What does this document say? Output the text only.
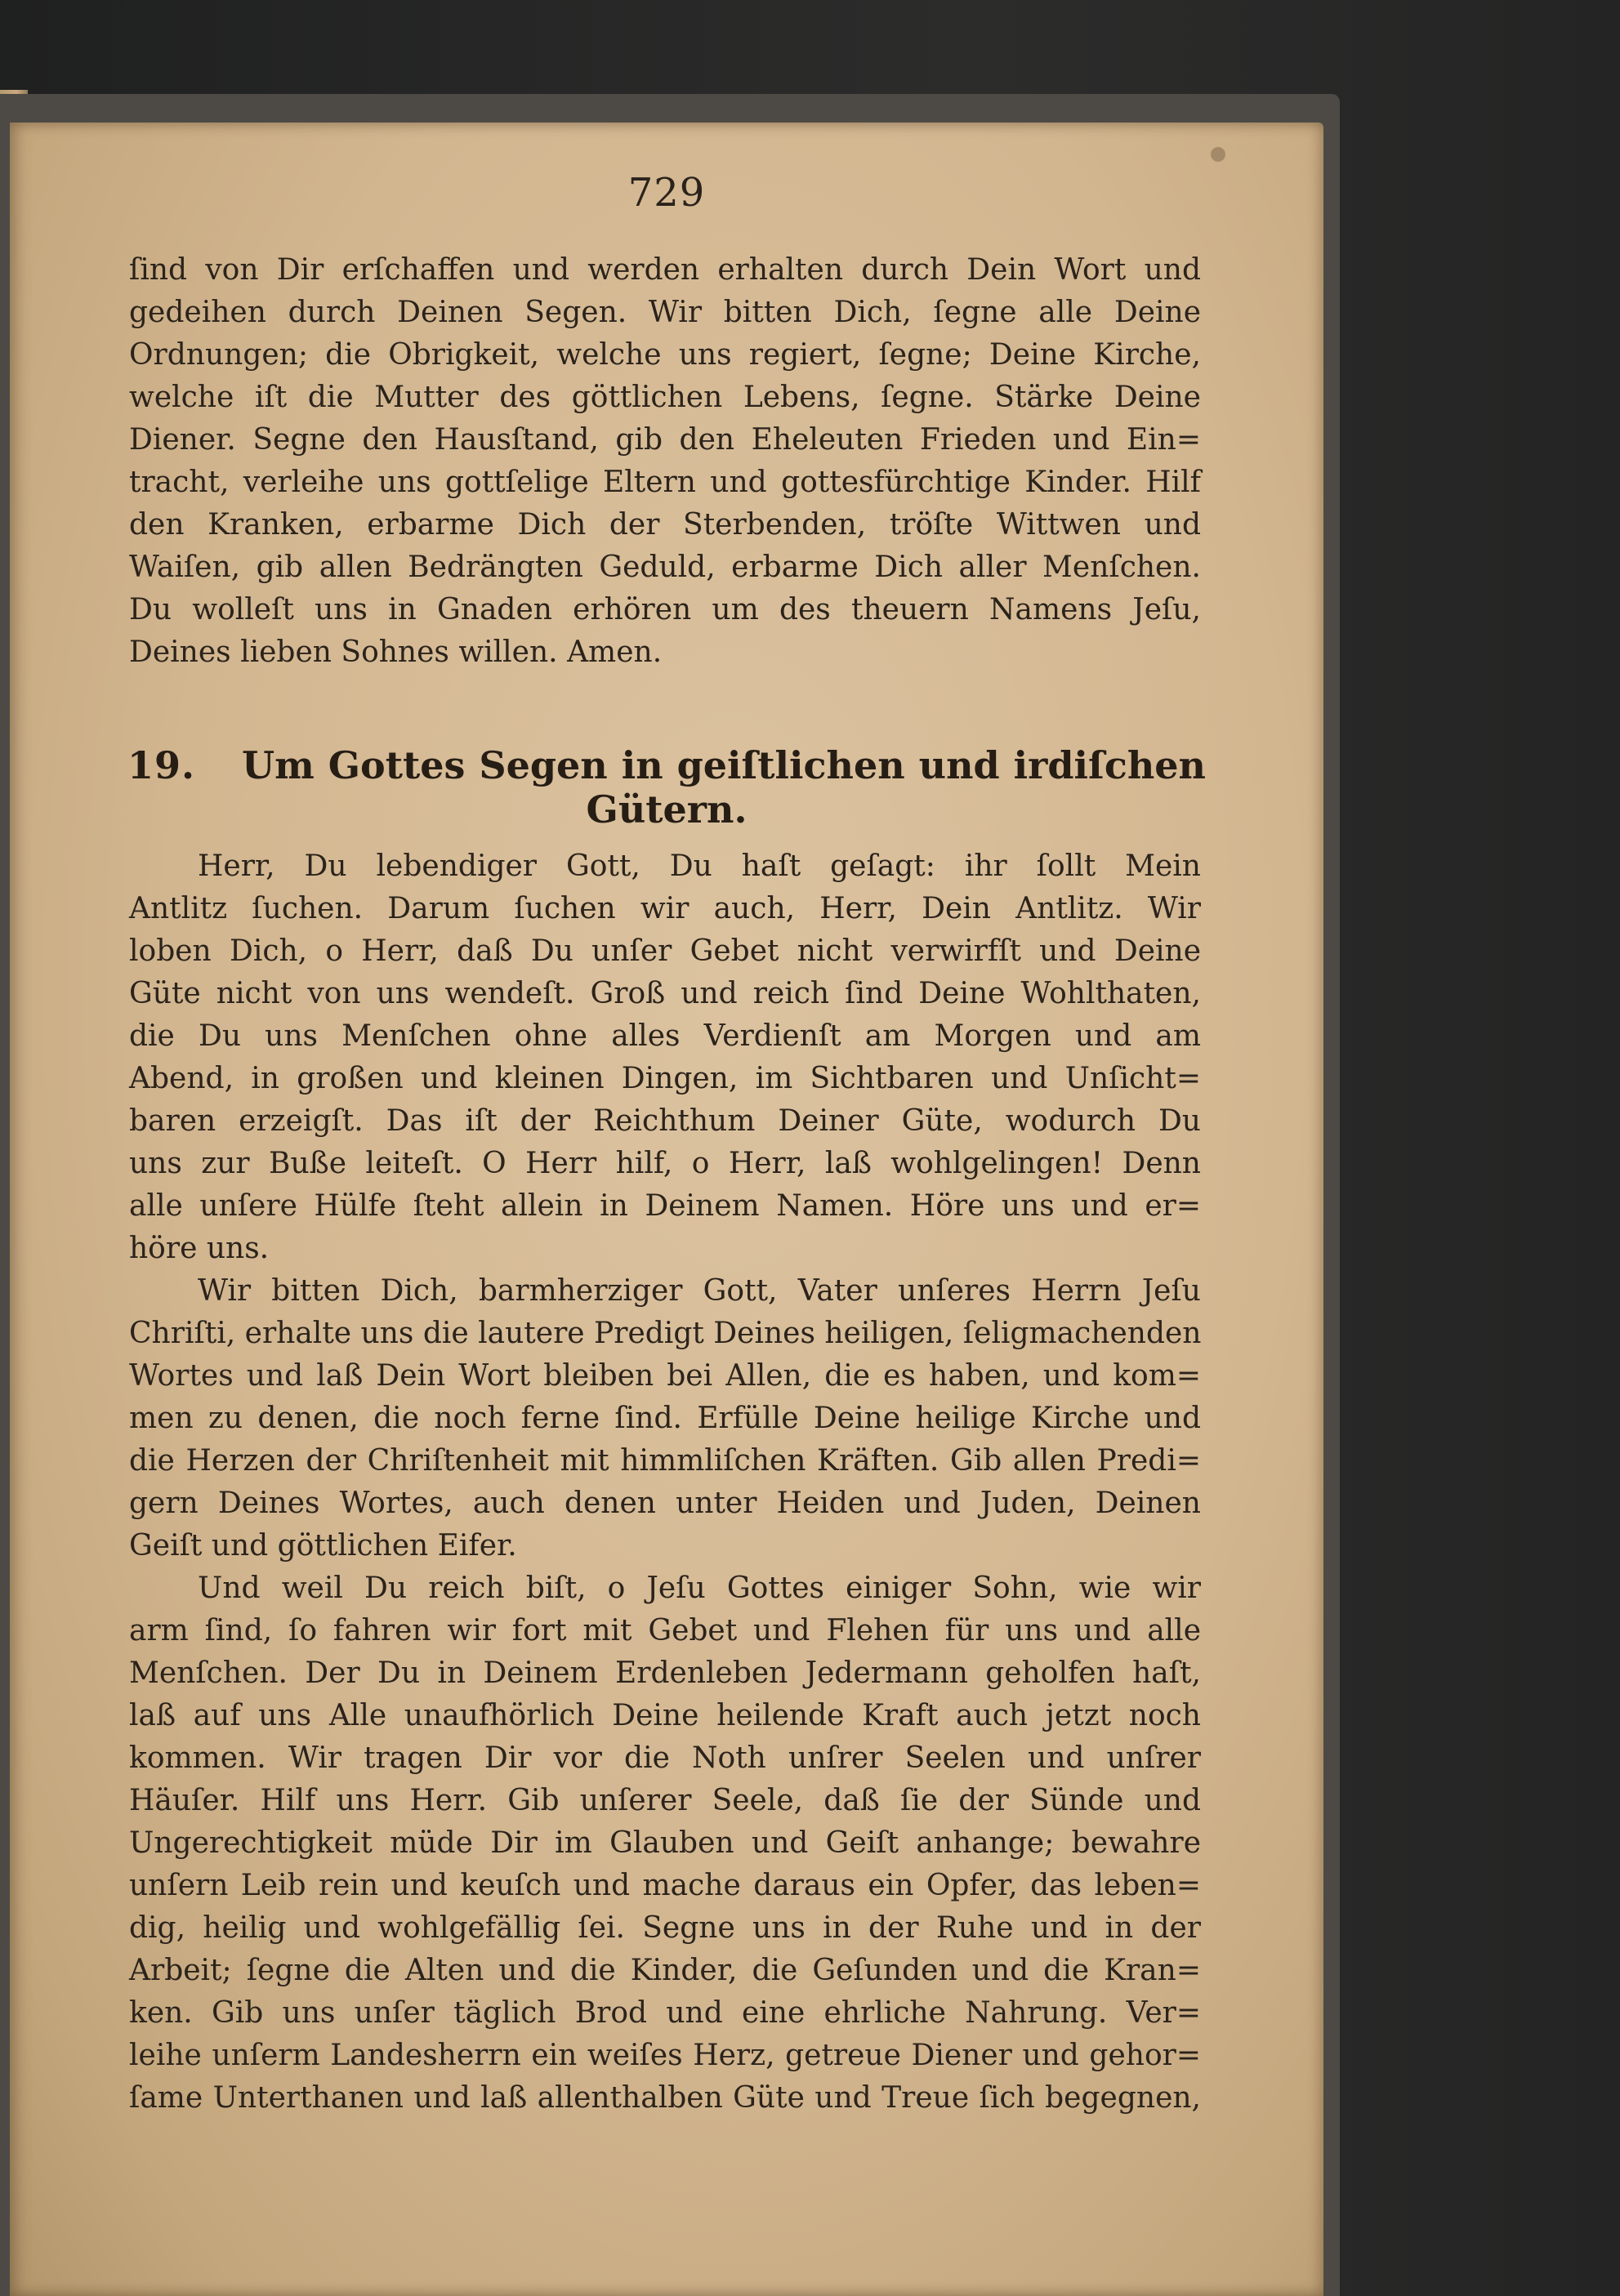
729
ſind von Dir erſchaffen und werden erhalten durch Dein Wort und
gedeihen durch Deinen Segen. Wir bitten Dich, ſegne alle Deine
Ordnungen; die Obrigkeit, welche uns regiert, ſegne; Deine Kirche,
welche iſt die Mutter des göttlichen Lebens, ſegne. Stärke Deine
Diener. Segne den Hausſtand, gib den Eheleuten Frieden und Ein=
tracht, verleihe uns gottſelige Eltern und gottesfürchtige Kinder. Hilf
den Kranken, erbarme Dich der Sterbenden, tröſte Wittwen und
Waiſen, gib allen Bedrängten Geduld, erbarme Dich aller Menſchen.
Du wolleſt uns in Gnaden erhören um des theuern Namens Jeſu,
Deines lieben Sohnes willen. Amen.
19. Um Gottes Segen in geiſtlichen und irdiſchen
Gütern.
Herr, Du lebendiger Gott, Du haſt geſagt: ihr ſollt Mein
Antlitz ſuchen. Darum ſuchen wir auch, Herr, Dein Antlitz. Wir
loben Dich, o Herr, daß Du unſer Gebet nicht verwirfſt und Deine
Güte nicht von uns wendeſt. Groß und reich ſind Deine Wohlthaten,
die Du uns Menſchen ohne alles Verdienſt am Morgen und am
Abend, in großen und kleinen Dingen, im Sichtbaren und Unſicht=
baren erzeigſt. Das iſt der Reichthum Deiner Güte, wodurch Du
uns zur Buße leiteſt. O Herr hilf, o Herr, laß wohlgelingen! Denn
alle unſere Hülfe ſteht allein in Deinem Namen. Höre uns und er=
höre uns.
Wir bitten Dich, barmherziger Gott, Vater unſeres Herrn Jeſu
Chriſti, erhalte uns die lautere Predigt Deines heiligen, ſeligmachenden
Wortes und laß Dein Wort bleiben bei Allen, die es haben, und kom=
men zu denen, die noch ferne ſind. Erfülle Deine heilige Kirche und
die Herzen der Chriſtenheit mit himmliſchen Kräften. Gib allen Predi=
gern Deines Wortes, auch denen unter Heiden und Juden, Deinen
Geiſt und göttlichen Eifer.
Und weil Du reich biſt, o Jeſu Gottes einiger Sohn, wie wir
arm ſind, ſo fahren wir fort mit Gebet und Flehen für uns und alle
Menſchen. Der Du in Deinem Erdenleben Jedermann geholfen haſt,
laß auf uns Alle unaufhörlich Deine heilende Kraft auch jetzt noch
kommen. Wir tragen Dir vor die Noth unſrer Seelen und unſrer
Häuſer. Hilf uns Herr. Gib unſerer Seele, daß ſie der Sünde und
Ungerechtigkeit müde Dir im Glauben und Geiſt anhange; bewahre
unſern Leib rein und keuſch und mache daraus ein Opfer, das leben=
dig, heilig und wohlgefällig ſei. Segne uns in der Ruhe und in der
Arbeit; ſegne die Alten und die Kinder, die Geſunden und die Kran=
ken. Gib uns unſer täglich Brod und eine ehrliche Nahrung. Ver=
leihe unſerm Landesherrn ein weiſes Herz, getreue Diener und gehor=
ſame Unterthanen und laß allenthalben Güte und Treue ſich begegnen,
